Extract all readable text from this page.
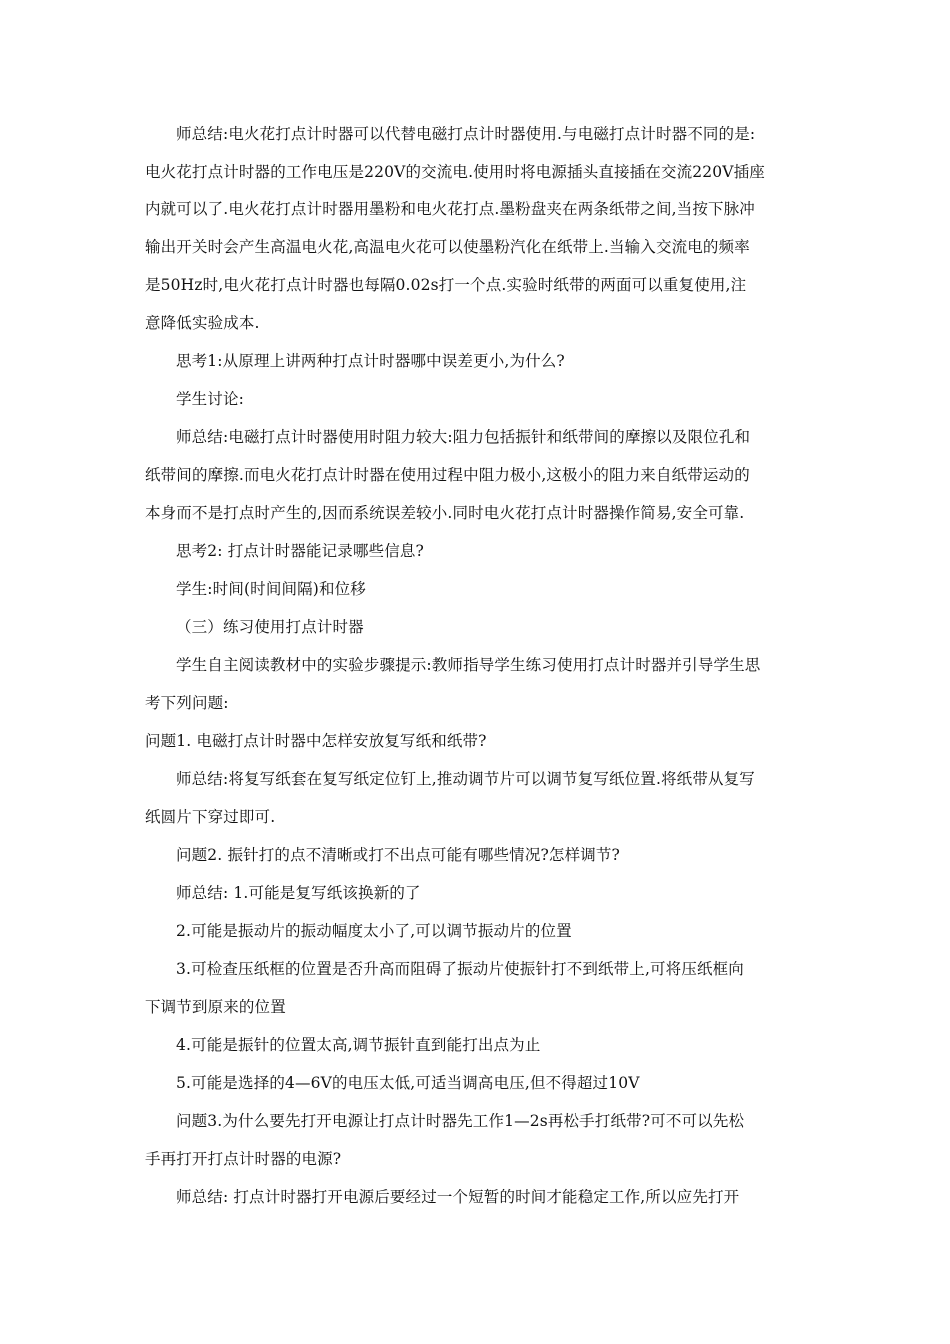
师总结:电火花打点计时器可以代替电磁打点计时器使用.与电磁打点计时器不同的是:
电火花打点计时器的工作电压是220V的交流电.使用时将电源插头直接插在交流220V插座
内就可以了.电火花打点计时器用墨粉和电火花打点.墨粉盘夹在两条纸带之间,当按下脉冲
输出开关时会产生高温电火花,高温电火花可以使墨粉汽化在纸带上.当输入交流电的频率
是50Hz时,电火花打点计时器也每隔0.02s打一个点.实验时纸带的两面可以重复使用,注
意降低实验成本.
思考1:从原理上讲两种打点计时器哪中误差更小,为什么?
学生讨论:
师总结:电磁打点计时器使用时阻力较大:阻力包括振针和纸带间的摩擦以及限位孔和
纸带间的摩擦.而电火花打点计时器在使用过程中阻力极小,这极小的阻力来自纸带运动的
本身而不是打点时产生的,因而系统误差较小.同时电火花打点计时器操作简易,安全可靠.
思考2: 打点计时器能记录哪些信息?
学生:时间(时间间隔)和位移
（三）练习使用打点计时器
学生自主阅读教材中的实验步骤提示:教师指导学生练习使用打点计时器并引导学生思
考下列问题:
问题1. 电磁打点计时器中怎样安放复写纸和纸带?
师总结:将复写纸套在复写纸定位钉上,推动调节片可以调节复写纸位置.将纸带从复写
纸圆片下穿过即可.
问题2. 振针打的点不清晰或打不出点可能有哪些情况?怎样调节?
师总结: 1.可能是复写纸该换新的了
2.可能是振动片的振动幅度太小了,可以调节振动片的位置
3.可检查压纸框的位置是否升高而阻碍了振动片使振针打不到纸带上,可将压纸框向
下调节到原来的位置
4.可能是振针的位置太高,调节振针直到能打出点为止
5.可能是选择的4—6V的电压太低,可适当调高电压,但不得超过10V
问题3.为什么要先打开电源让打点计时器先工作1—2s再松手打纸带?可不可以先松
手再打开打点计时器的电源?
师总结: 打点计时器打开电源后要经过一个短暂的时间才能稳定工作,所以应先打开
